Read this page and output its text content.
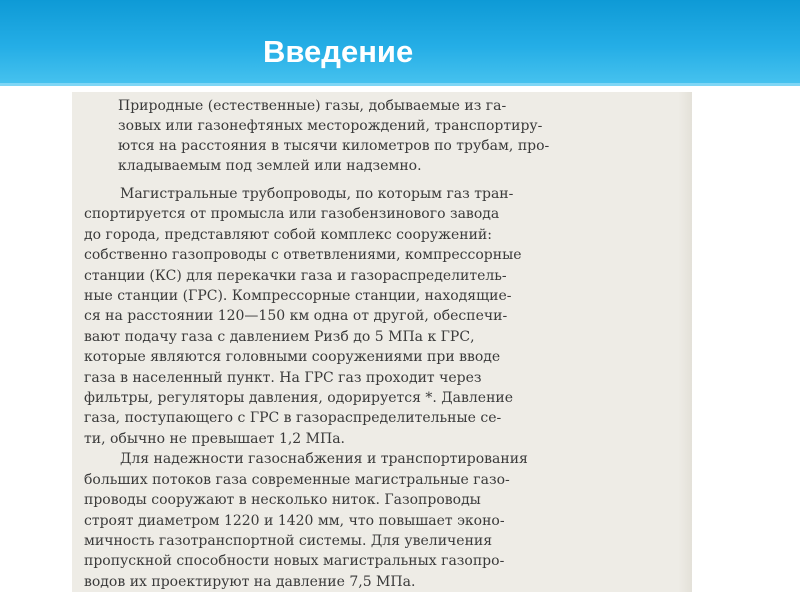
Введение
Природные (естественные) газы, добываемые из га-
зовых или газонефтяных месторождений, транспортиру-
ются на расстояния в тысячи километров по трубам, про-
кладываемым под землей или надземно.
Магистральные трубопроводы, по которым газ тран-
спортируется от промысла или газобензинового завода
до города, представляют собой комплекс сооружений:
собственно газопроводы с ответвлениями, компрессорные
станции (КС) для перекачки газа и газораспределитель-
ные станции (ГРС). Компрессорные станции, находящие-
ся на расстоянии 120—150 км одна от другой, обеспечи-
вают подачу газа с давлением Pизб до 5 МПа к ГРС,
которые являются головными сооружениями при вводе
газа в населенный пункт. На ГРС газ проходит через
фильтры, регуляторы давления, одорируется *. Давление
газа, поступающего с ГРС в газораспределительные се-
ти, обычно не превышает 1,2 МПа.
Для надежности газоснабжения и транспортирования
больших потоков газа современные магистральные газо-
проводы сооружают в несколько ниток. Газопроводы
строят диаметром 1220 и 1420 мм, что повышает эконо-
мичность газотранспортной системы. Для увеличения
пропускной способности новых магистральных газопро-
водов их проектируют на давление 7,5 МПа.
